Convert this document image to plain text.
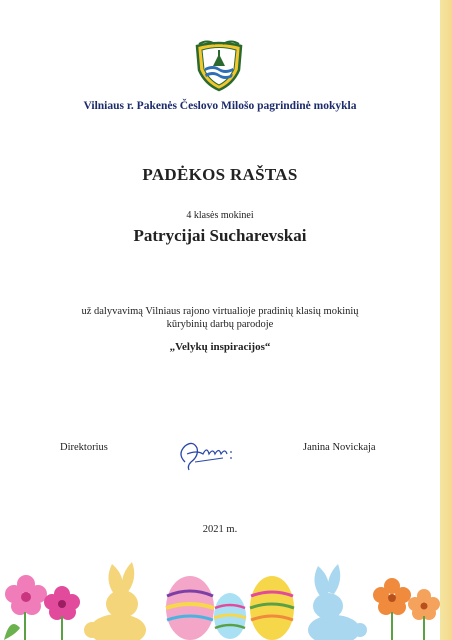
Vilniaus r. Pakenės Česlovo Milošo pagrindinė mokykla
PADĖKOS RAŠTAS
4 klasės mokinei
Patrycijai Sucharevskai
už dalyvavimą Vilniaus rajono virtualioje pradinių klasių mokinių
kūrybinių darbų parodoje
„Velykų inspiracijos“
Direktorius	Janina Novickaja
2021 m.
